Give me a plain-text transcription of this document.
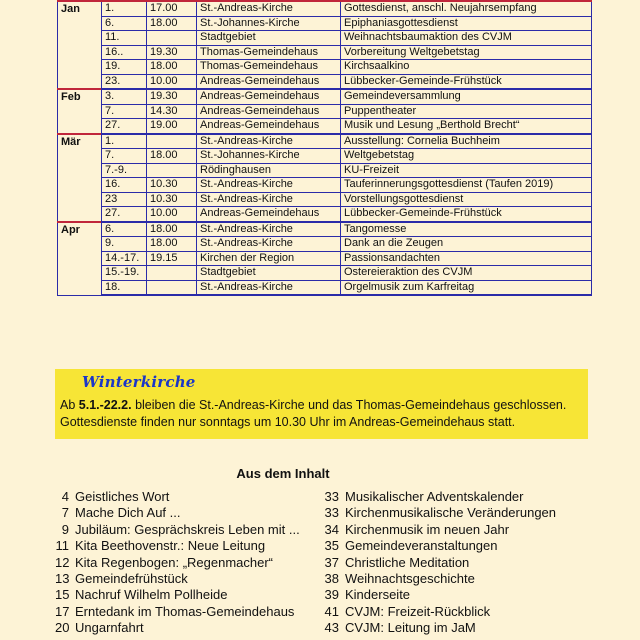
Jan	1.	17.00	St.-Andreas-Kirche	Gottesdienst, anschl. Neujahrsempfang
	6.	18.00	St.-Johannes-Kirche	Epiphaniasgottesdienst
	11.		Stadtgebiet	Weihnachtsbaumaktion des CVJM
	16..	19.30	Thomas-Gemeindehaus	Vorbereitung Weltgebetstag
	19.	18.00	Thomas-Gemeindehaus	Kirchsaalkino
	23.	10.00	Andreas-Gemeindehaus	Lübbecker-Gemeinde-Frühstück
Feb	3.	19.30	Andreas-Gemeindehaus	Gemeindeversammlung
	7.	14.30	Andreas-Gemeindehaus	Puppentheater
	27.	19.00	Andreas-Gemeindehaus	Musik und Lesung „Berthold Brecht“
Mär	1.		St.-Andreas-Kirche	Ausstellung: Cornelia Buchheim
	7.	18.00	St.-Johannes-Kirche	Weltgebetstag
	7.-9.		Rödinghausen	KU-Freizeit
	16.	10.30	St.-Andreas-Kirche	Tauferinnerungsgottesdienst (Taufen 2019)
	23	10.30	St.-Andreas-Kirche	Vorstellungsgottesdienst
	27.	10.00	Andreas-Gemeindehaus	Lübbecker-Gemeinde-Frühstück
Apr	6.	18.00	St.-Andreas-Kirche	Tangomesse
	9.	18.00	St.-Andreas-Kirche	Dank an die Zeugen
	14.-17.	19.15	Kirchen der Region	Passionsandachten
	15.-19.		Stadtgebiet	Ostereieraktion des CVJM
	18.		St.-Andreas-Kirche	Orgelmusik zum Karfreitag
Winterkirche
Ab 5.1.-22.2. bleiben die St.-Andreas-Kirche und das Thomas-Gemeindehaus geschlossen.
Gottesdienste finden nur sonntags um 10.30 Uhr im Andreas-Gemeindehaus statt.
Aus dem Inhalt
4 Geistliches Wort
7 Mache Dich Auf ...
9 Jubiläum: Gesprächskreis Leben mit ...
11 Kita Beethovenstr.: Neue Leitung
12 Kita Regenbogen: „Regenmacher“
13 Gemeindefrühstück
15 Nachruf Wilhelm Pollheide
17 Erntedank im Thomas-Gemeindehaus
20 Ungarnfahrt
33 Musikalischer Adventskalender
33 Kirchenmusikalische Veränderungen
34 Kirchenmusik im neuen Jahr
35 Gemeindeveranstaltungen
37 Christliche Meditation
38 Weihnachtsgeschichte
39 Kinderseite
41 CVJM: Freizeit-Rückblick
43 CVJM: Leitung im JaM
